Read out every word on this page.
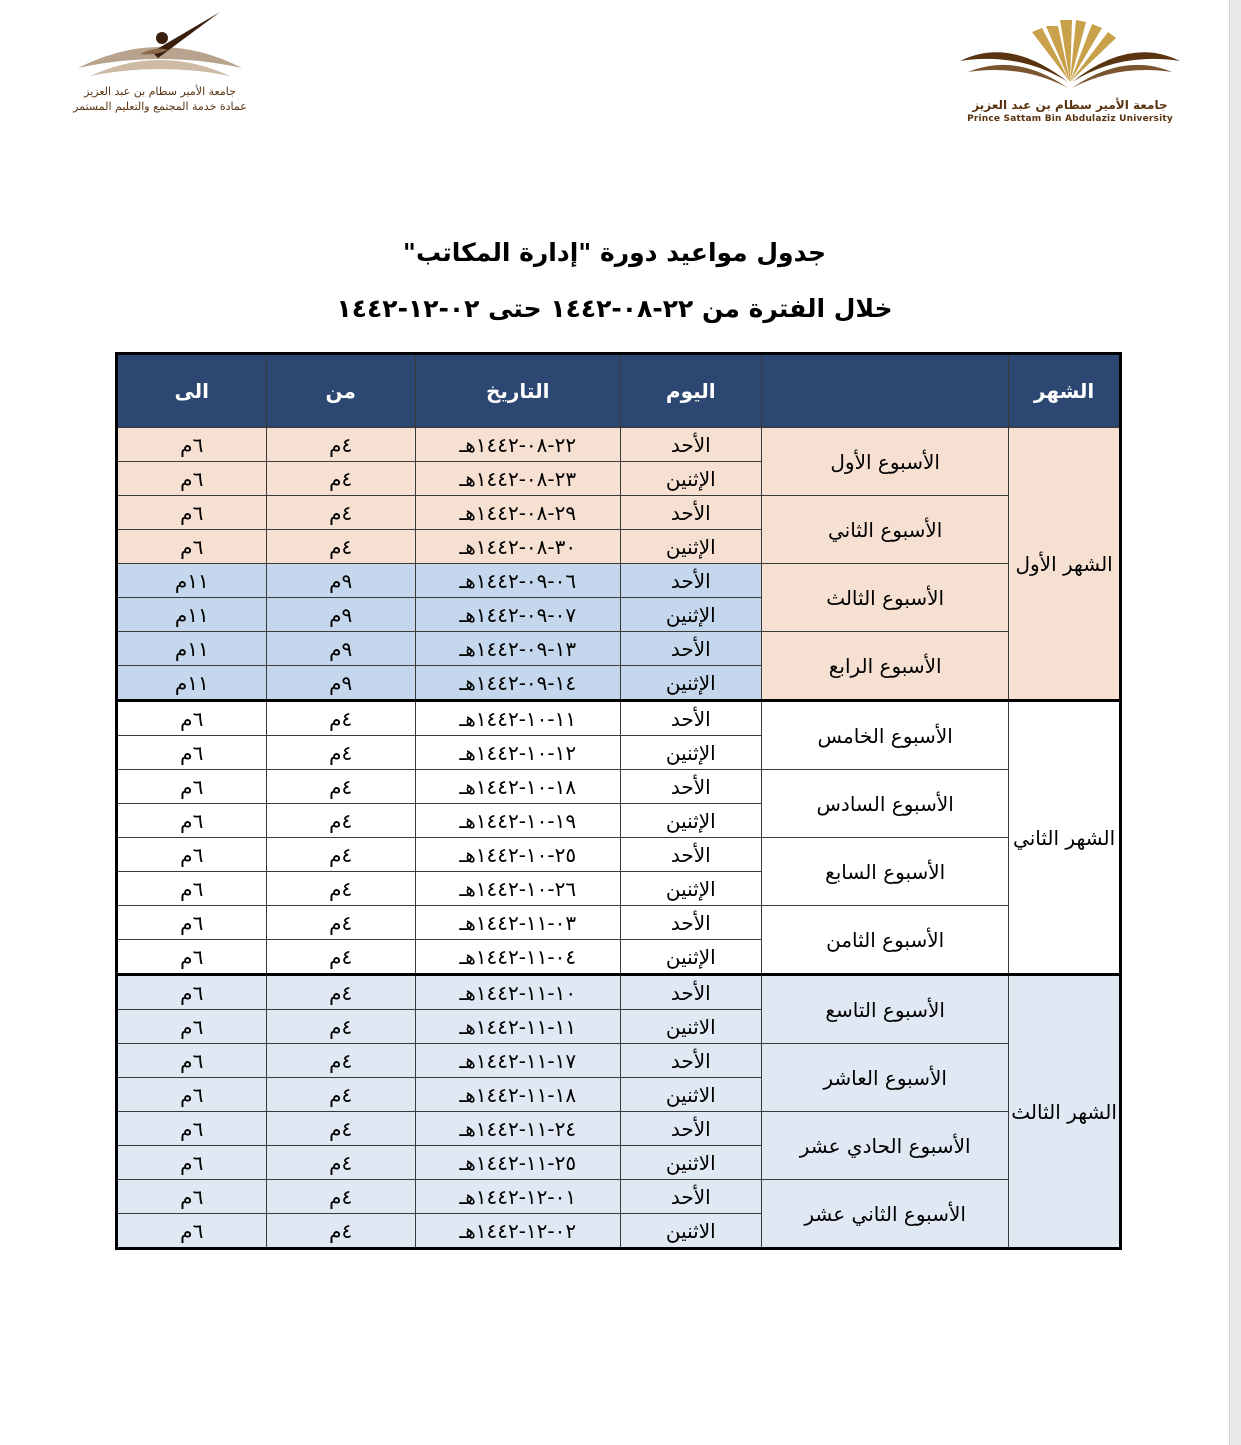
جامعة الأمير سطام بن عبد العزيز
عمادة خدمة المجتمع والتعليم المستمر	جامعة الأمير سطام بن عبد العزيز
Prince Sattam Bin Abdulaziz University
جدول مواعيد دورة "إدارة المكاتب"
خلال الفترة من ٢٢-٠٨-١٤٤٢ حتى ٠٢-١٢-١٤٤٢
الشهر		اليوم	التاريخ	من	الى
الشهر الأول	الأسبوع الأول	الأحد	٢٢-٠٨-١٤٤٢هـ	٤م	٦م
		الإثنين	٢٣-٠٨-١٤٤٢هـ	٤م	٦م
	الأسبوع الثاني	الأحد	٢٩-٠٨-١٤٤٢هـ	٤م	٦م
		الإثنين	٣٠-٠٨-١٤٤٢هـ	٤م	٦م
	الأسبوع الثالث	الأحد	٠٦-٠٩-١٤٤٢هـ	٩م	١١م
		الإثنين	٠٧-٠٩-١٤٤٢هـ	٩م	١١م
	الأسبوع الرابع	الأحد	١٣-٠٩-١٤٤٢هـ	٩م	١١م
		الإثنين	١٤-٠٩-١٤٤٢هـ	٩م	١١م
الشهر الثاني	الأسبوع الخامس	الأحد	١١-١٠-١٤٤٢هـ	٤م	٦م
		الإثنين	١٢-١٠-١٤٤٢هـ	٤م	٦م
	الأسبوع السادس	الأحد	١٨-١٠-١٤٤٢هـ	٤م	٦م
		الإثنين	١٩-١٠-١٤٤٢هـ	٤م	٦م
	الأسبوع السابع	الأحد	٢٥-١٠-١٤٤٢هـ	٤م	٦م
		الإثنين	٢٦-١٠-١٤٤٢هـ	٤م	٦م
	الأسبوع الثامن	الأحد	٠٣-١١-١٤٤٢هـ	٤م	٦م
		الإثنين	٠٤-١١-١٤٤٢هـ	٤م	٦م
الشهر الثالث	الأسبوع التاسع	الأحد	١٠-١١-١٤٤٢هـ	٤م	٦م
		الاثنين	١١-١١-١٤٤٢هـ	٤م	٦م
	الأسبوع العاشر	الأحد	١٧-١١-١٤٤٢هـ	٤م	٦م
		الاثنين	١٨-١١-١٤٤٢هـ	٤م	٦م
	الأسبوع الحادي عشر	الأحد	٢٤-١١-١٤٤٢هـ	٤م	٦م
		الاثنين	٢٥-١١-١٤٤٢هـ	٤م	٦م
	الأسبوع الثاني عشر	الأحد	٠١-١٢-١٤٤٢هـ	٤م	٦م
		الاثنين	٠٢-١٢-١٤٤٢هـ	٤م	٦م
